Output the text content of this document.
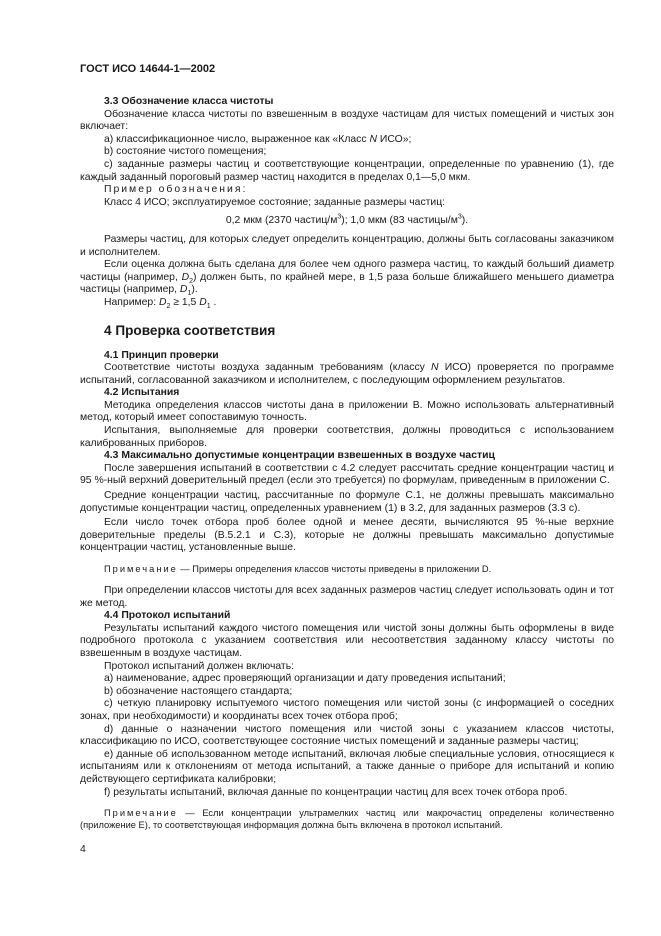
ГОСТ ИСО 14644-1—2002
3.3 Обозначение класса чистоты
Обозначение класса чистоты по взвешенным в воздухе частицам для чистых помещений и чистых зон включает:
а) классификационное число, выраженное как «Класс N ИСО»;
b) состояние чистого помещения;
с) заданные размеры частиц и соответствующие концентрации, определенные по уравнению (1), где каждый заданный пороговый размер частиц находится в пределах 0,1—5,0 мкм.
Пример обозначения:
Класс 4 ИСО; эксплуатируемое состояние; заданные размеры частиц:
0,2 мкм (2370 частиц/$м^3$); 1,0 мкм (83 частицы/$м^3$).
Размеры частиц, для которых следует определить концентрацию, должны быть согласованы заказчиком и исполнителем.
Если оценка должна быть сделана для более чем одного размера частиц, то каждый больший диаметр частицы (например, $D_2$) должен быть, по крайней мере, в 1,5 раза больше ближайшего меньшего диаметра частицы (например, $D_1$).
Например: $D_2 \ge 1,5$ $D_1$ .
4 Проверка соответствия
4.1 Принцип проверки
Соответствие чистоты воздуха заданным требованиям (классу N ИСО) проверяется по программе испытаний, согласованной заказчиком и исполнителем, с последующим оформлением результатов.
4.2 Испытания
Методика определения классов чистоты дана в приложении В. Можно использовать альтернативный метод, который имеет сопоставимую точность.
Испытания, выполняемые для проверки соответствия, должны проводиться с использованием калиброванных приборов.
4.3 Максимально допустимые концентрации взвешенных в воздухе частиц
После завершения испытаний в соответствии с 4.2 следует рассчитать средние концентрации частиц и 95 %-ный верхний доверительный предел (если это требуется) по формулам, приведенным в приложении С.
Средние концентрации частиц, рассчитанные по формуле С.1, не должны превышать максимально допустимые концентрации частиц, определенных уравнением (1) в 3.2, для заданных размеров (3.3 с).
Если число точек отбора проб более одной и менее десяти, вычисляются 95 %-ные верхние доверительные пределы (В.5.2.1 и С.3), которые не должны превышать максимально допустимые концентрации частиц, установленные выше.
Примечание — Примеры определения классов чистоты приведены в приложении D.
При определении классов чистоты для всех заданных размеров частиц следует использовать один и тот же метод.
4.4 Протокол испытаний
Результаты испытаний каждого чистого помещения или чистой зоны должны быть оформлены в виде подробного протокола с указанием соответствия или несоответствия заданному классу чистоты по взвешенным в воздухе частицам.
Протокол испытаний должен включать:
а) наименование, адрес проверяющий организации и дату проведения испытаний;
b) обозначение настоящего стандарта;
с) четкую планировку испытуемого чистого помещения или чистой зоны (с информацией о соседних зонах, при необходимости) и координаты всех точек отбора проб;
d) данные о назначении чистого помещения или чистой зоны с указанием классов чистоты, классификацию по ИСО, соответствующее состояние чистых помещений и заданные размеры частиц;
е) данные об использованном методе испытаний, включая любые специальные условия, относящиеся к испытаниям или к отклонениям от метода испытаний, а также данные о приборе для испытаний и копию действующего сертификата калибровки;
f) результаты испытаний, включая данные по концентрации частиц для всех точек отбора проб.
Примечание — Если концентрации ультрамелких частиц или макрочастиц определены количественно (приложение Е), то соответствующая информация должна быть включена в протокол испытаний.
4
